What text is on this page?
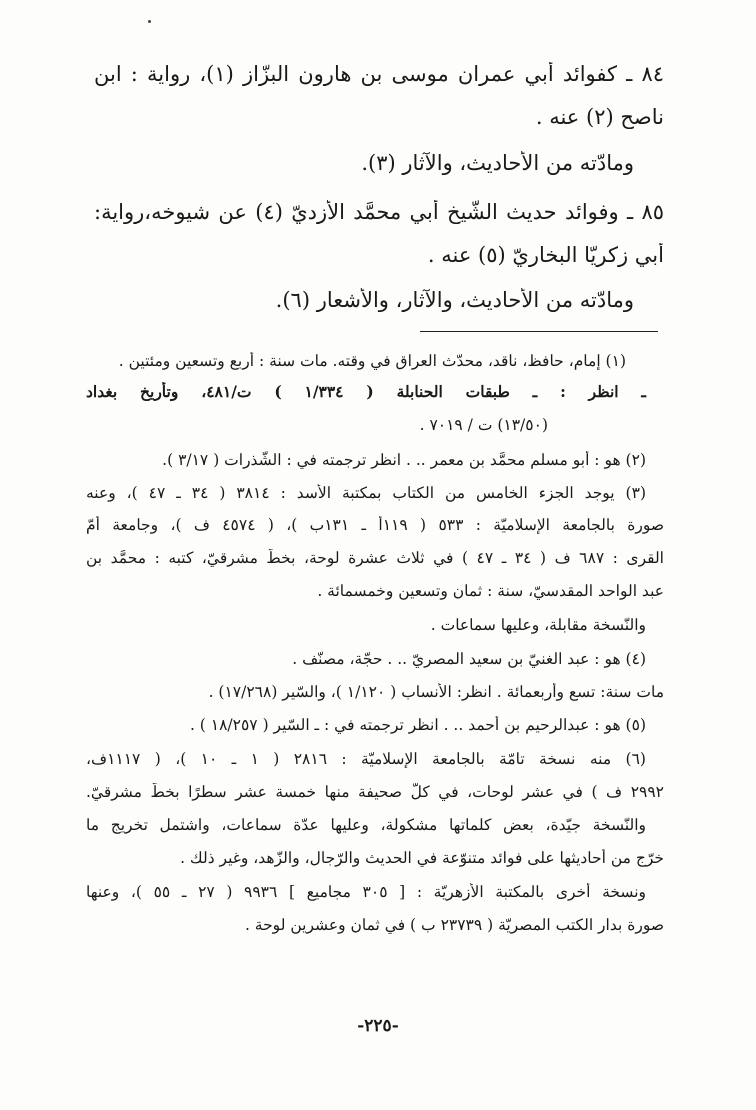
٨٤ ـ كفوائد أبي عمران موسى بن هارون البزّاز (١)، رواية : ابن
ناصح (٢) عنه .
ومادّته من الأحاديث، والآثار (٣).
٨٥ ـ وفوائد حديث الشّيخ أبي محمَّد الأزديّ (٤) عن شيوخه،رواية:
أبي زكريّا البخاريّ (٥) عنه .
ومادّته من الأحاديث، والآثار، والأشعار (٦).
(١) إمام، حافظ، ناقد، محدّث العراق في وقته. مات سنة : أربع وتسعين ومئتين .
ـ انظر : ـ طبقات الحنابلة ( ١/٣٣٤ ) ت/٤٨١، وتأريخ بغداد
(١٣/٥٠) ت / ٧٠١٩ .
(٢) هو : أبو مسلم محمَّد بن معمر .. . انظر ترجمته في : الشّذرات ( ٣/١٧ ).
(٣) يوجد الجزء الخامس من الكتاب بمكتبة الأسد : ٣٨١٤ ( ٣٤ ـ ٤٧ )، وعنه
صورة بالجامعة الإسلاميّة : ٥٣٣ ( ١١٩أ ـ ١٣١ب )، ( ٤٥٧٤ ف )، وجامعة أمّ
القرى : ٦٨٧ ف ( ٣٤ ـ ٤٧ ) في ثلاث عشرة لوحة، بخطّ مشرقيّ، كتبه : محمَّد بن
عبد الواحد المقدسيّ، سنة : ثمان وتسعين وخمسمائة .
والنّسخة مقابلة، وعليها سماعات .
(٤) هو : عبد الغنيّ بن سعيد المصريّ .. . حجّة، مصنّف .
مات سنة: تسع وأربعمائة . انظر: الأنساب ( ١/١٢٠ )، والسّير (١٧/٢٦٨) .
(٥) هو : عبدالرحيم بن أحمد .. . انظر ترجمته في : ـ السّير ( ١٨/٢٥٧ ) .
(٦) منه نسخة تامّة بالجامعة الإسلاميّة : ٢٨١٦ ( ١ ـ ١٠ )، ( ١١١٧ف،
٢٩٩٢ ف ) في عشر لوحات، في كلّ صحيفة منها خمسة عشر سطرًا بخطّ مشرقيّ.
والنّسخة جيّدة، بعض كلماتها مشكولة، وعليها عدّة سماعات، واشتمل تخريج ما
خرّج من أحاديثها على فوائد متنوّعة في الحديث والرّجال، والزّهد، وغير ذلك .
ونسخة أخرى بالمكتبة الأزهريّة : [ ٣٠٥ مجاميع ] ٩٩٣٦ ( ٢٧ ـ ٥٥ )، وعنها
صورة بدار الكتب المصريّة ( ٢٣٧٣٩ ب ) في ثمان وعشرين لوحة .
-٢٢٥-
